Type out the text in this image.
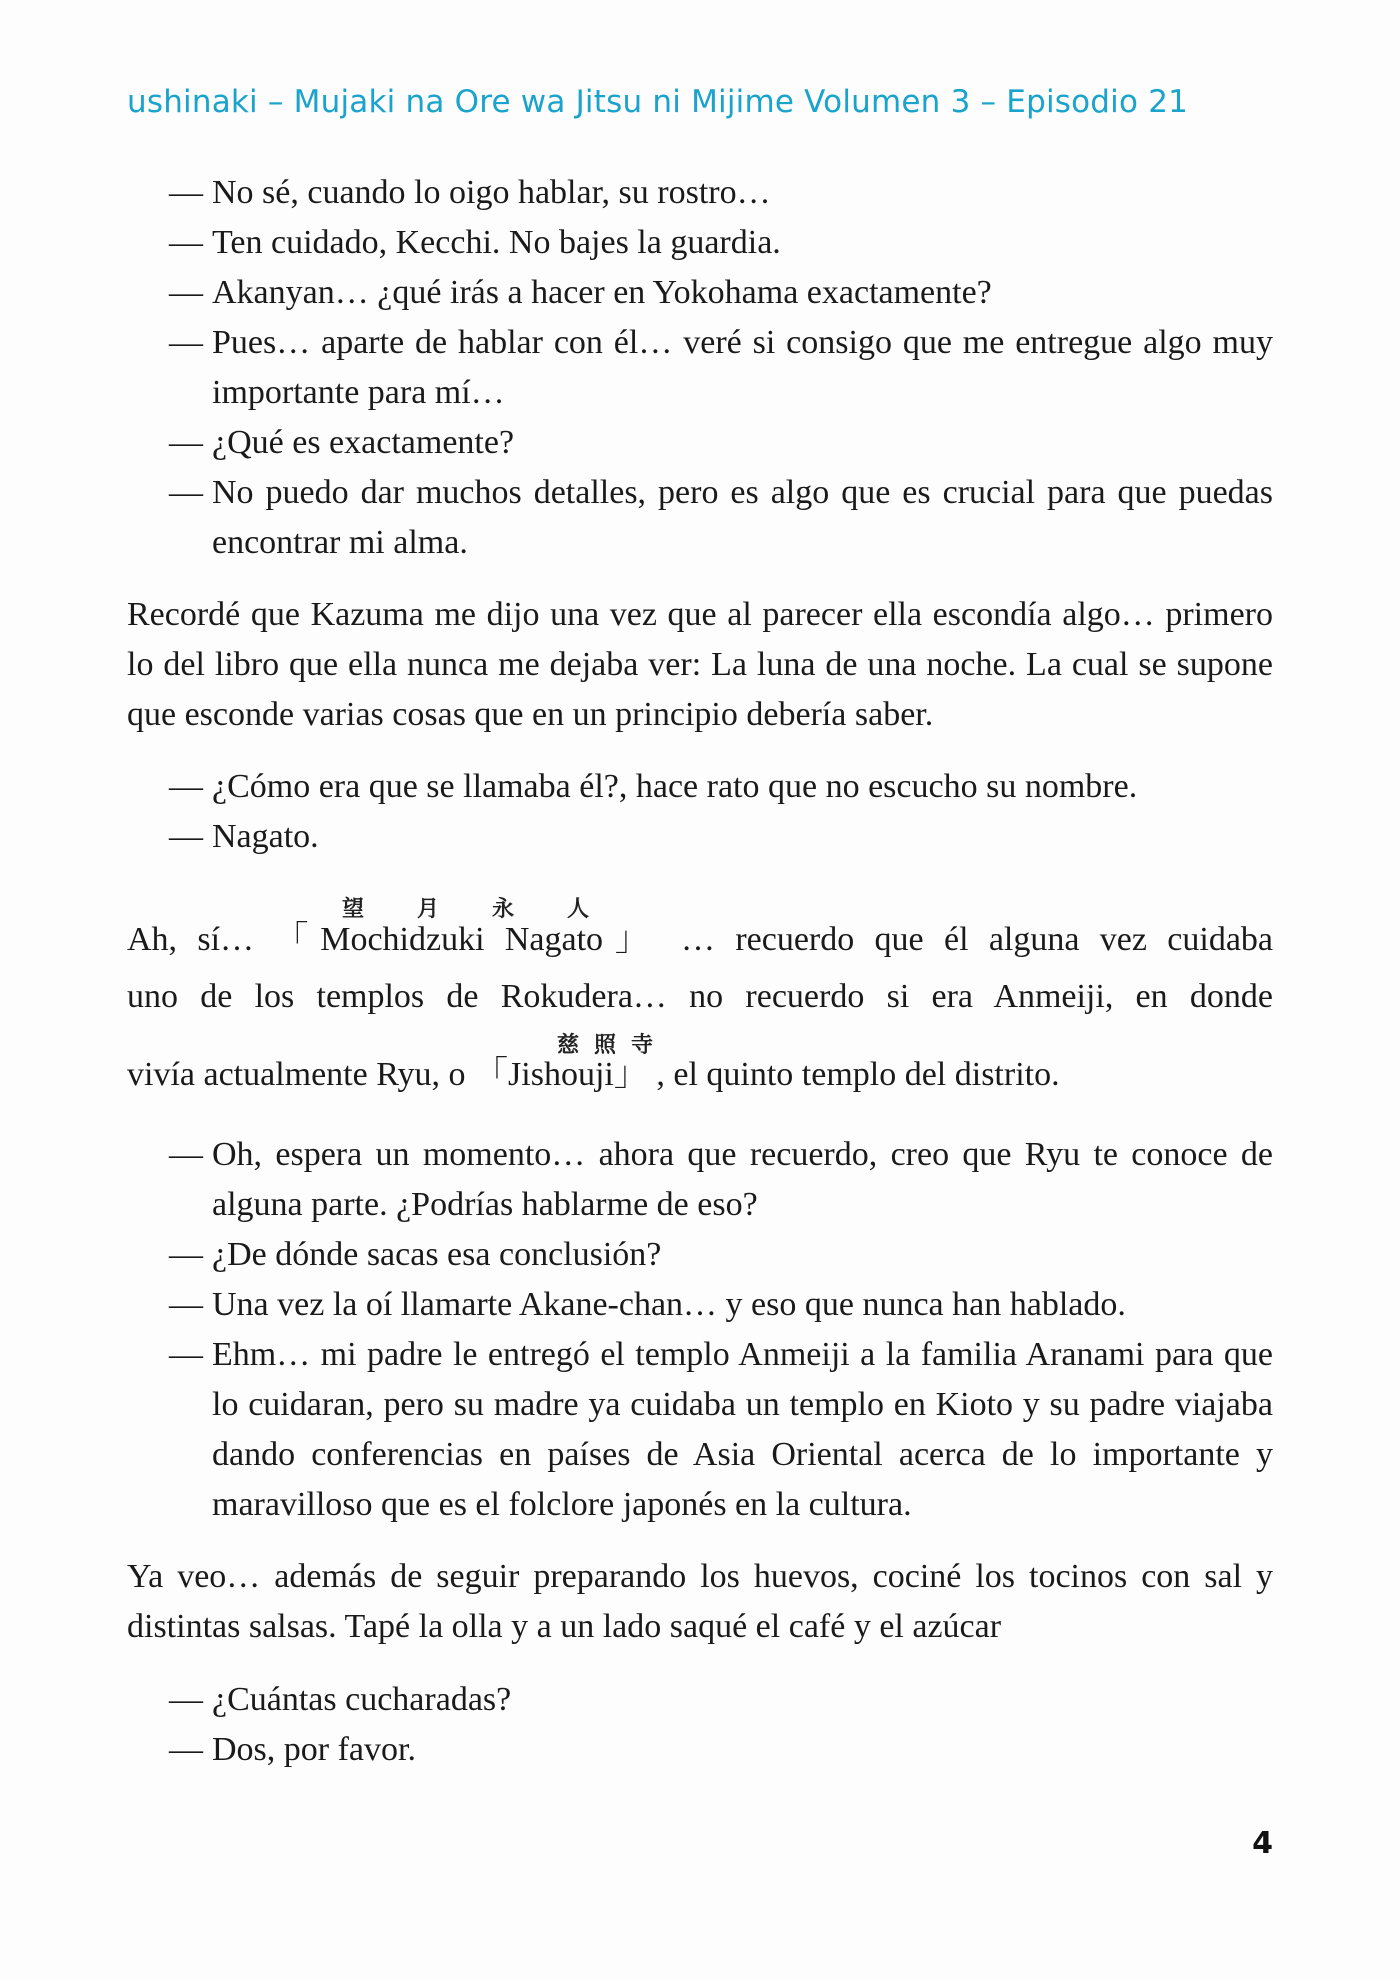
ushinaki – Mujaki na Ore wa Jitsu ni Mijime Volumen 3 – Episodio 21
— No sé, cuando lo oigo hablar, su rostro…
— Ten cuidado, Kecchi. No bajes la guardia.
— Akanyan… ¿qué irás a hacer en Yokohama exactamente?
— Pues… aparte de hablar con él… veré si consigo que me entregue algo muy importante para mí…
— ¿Qué es exactamente?
— No puedo dar muchos detalles, pero es algo que es crucial para que puedas encontrar mi alma.
Recordé que Kazuma me dijo una vez que al parecer ella escondía algo… primero lo del libro que ella nunca me dejaba ver: La luna de una noche. La cual se supone que esconde varias cosas que en un principio debería saber.
— ¿Cómo era que se llamaba él?, hace rato que no escucho su nombre.
— Nagato.
望 月 永 人
Ah, sí… 「Mochidzuki Nagato」 … recuerdo que él alguna vez cuidaba
uno de los templos de Rokudera… no recuerdo si era Anmeiji, en donde
慈 照 寺
vivía actualmente Ryu, o 「Jishouji」 , el quinto templo del distrito.
— Oh, espera un momento… ahora que recuerdo, creo que Ryu te conoce de alguna parte. ¿Podrías hablarme de eso?
— ¿De dónde sacas esa conclusión?
— Una vez la oí llamarte Akane-chan… y eso que nunca han hablado.
— Ehm… mi padre le entregó el templo Anmeiji a la familia Aranami para que lo cuidaran, pero su madre ya cuidaba un templo en Kioto y su padre viajaba dando conferencias en países de Asia Oriental acerca de lo importante y maravilloso que es el folclore japonés en la cultura.
Ya veo… además de seguir preparando los huevos, cociné los tocinos con sal y distintas salsas. Tapé la olla y a un lado saqué el café y el azúcar
— ¿Cuántas cucharadas?
— Dos, por favor.
4
